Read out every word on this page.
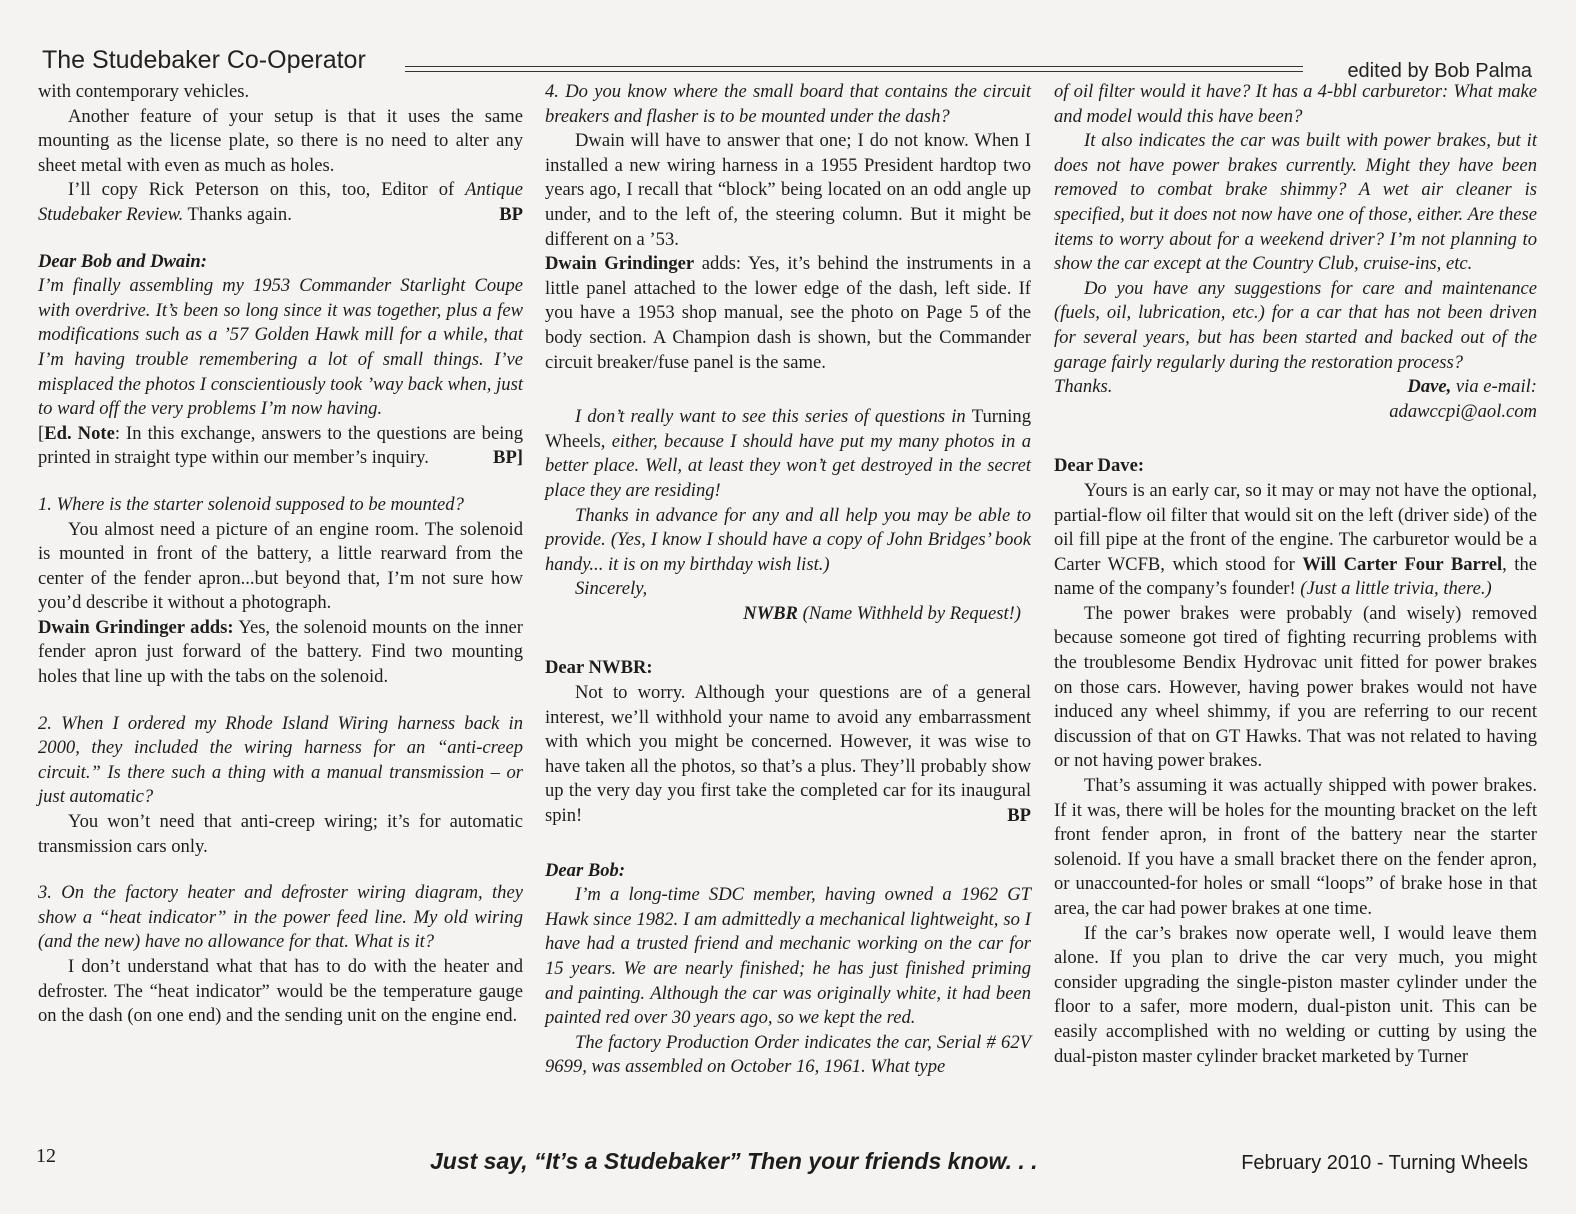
The Studebaker Co-Operator	edited by Bob Palma

with contemporary vehicles.

Another feature of your setup is that it uses the same mounting as the license plate, so there is no need to alter any sheet metal with even as much as holes.

I’ll copy Rick Peterson on this, too, Editor of Antique Studebaker Review. Thanks again.	BP

Dear Bob and Dwain:

I’m finally assembling my 1953 Commander Starlight Coupe with overdrive. It’s been so long since it was together, plus a few modifications such as a ’57 Golden Hawk mill for a while, that I’m having trouble remembering a lot of small things. I’ve misplaced the photos I conscientiously took ’way back when, just to ward off the very problems I’m now having.

[Ed. Note: In this exchange, answers to the questions are being printed in straight type within our member’s inquiry.	BP]

1. Where is the starter solenoid supposed to be mounted?

You almost need a picture of an engine room. The solenoid is mounted in front of the battery, a little rearward from the center of the fender apron...but beyond that, I’m not sure how you’d describe it without a photograph.

Dwain Grindinger adds: Yes, the solenoid mounts on the inner fender apron just forward of the battery. Find two mounting holes that line up with the tabs on the solenoid.

2. When I ordered my Rhode Island Wiring harness back in 2000, they included the wiring harness for an “anti-creep circuit.” Is there such a thing with a manual transmission – or just automatic?

You won’t need that anti-creep wiring; it’s for automatic transmission cars only.

3. On the factory heater and defroster wiring diagram, they show a “heat indicator” in the power feed line. My old wiring (and the new) have no allowance for that. What is it?

I don’t understand what that has to do with the heater and defroster. The “heat indicator” would be the temperature gauge on the dash (on one end) and the sending unit on the engine end.

4. Do you know where the small board that contains the circuit breakers and flasher is to be mounted under the dash?

Dwain will have to answer that one; I do not know. When I installed a new wiring harness in a 1955 President hardtop two years ago, I recall that “block” being located on an odd angle up under, and to the left of, the steering column. But it might be different on a ’53.

Dwain Grindinger adds: Yes, it’s behind the instruments in a little panel attached to the lower edge of the dash, left side. If you have a 1953 shop manual, see the photo on Page 5 of the body section. A Champion dash is shown, but the Commander circuit breaker/fuse panel is the same.

I don’t really want to see this series of questions in Turning Wheels, either, because I should have put my many photos in a better place. Well, at least they won’t get destroyed in the secret place they are residing!

Thanks in advance for any and all help you may be able to provide. (Yes, I know I should have a copy of John Bridges’ book handy... it is on my birthday wish list.)

Sincerely,

NWBR (Name Withheld by Request!)

Dear NWBR:

Not to worry. Although your questions are of a general interest, we’ll withhold your name to avoid any embarrassment with which you might be concerned. However, it was wise to have taken all the photos, so that’s a plus. They’ll probably show up the very day you first take the completed car for its inaugural spin!	BP

Dear Bob:

I’m a long-time SDC member, having owned a 1962 GT Hawk since 1982. I am admittedly a mechanical lightweight, so I have had a trusted friend and mechanic working on the car for 15 years. We are nearly finished; he has just finished priming and painting. Although the car was originally white, it had been painted red over 30 years ago, so we kept the red.

The factory Production Order indicates the car, Serial # 62V 9699, was assembled on October 16, 1961. What type

of oil filter would it have? It has a 4-bbl carburetor: What make and model would this have been?

It also indicates the car was built with power brakes, but it does not have power brakes currently. Might they have been removed to combat brake shimmy? A wet air cleaner is specified, but it does not now have one of those, either. Are these items to worry about for a weekend driver? I’m not planning to show the car except at the Country Club, cruise-ins, etc.

Do you have any suggestions for care and maintenance (fuels, oil, lubrication, etc.) for a car that has not been driven for several years, but has been started and backed out of the garage fairly regularly during the restoration process?

Thanks.	Dave, via e-mail:

adawccpi@aol.com

Dear Dave:

Yours is an early car, so it may or may not have the optional, partial-flow oil filter that would sit on the left (driver side) of the oil fill pipe at the front of the engine. The carburetor would be a Carter WCFB, which stood for Will Carter Four Barrel, the name of the company’s founder! (Just a little trivia, there.)

The power brakes were probably (and wisely) removed because someone got tired of fighting recurring problems with the troublesome Bendix Hydrovac unit fitted for power brakes on those cars. However, having power brakes would not have induced any wheel shimmy, if you are referring to our recent discussion of that on GT Hawks. That was not related to having or not having power brakes.

That’s assuming it was actually shipped with power brakes. If it was, there will be holes for the mounting bracket on the left front fender apron, in front of the battery near the starter solenoid. If you have a small bracket there on the fender apron, or unaccounted-for holes or small “loops” of brake hose in that area, the car had power brakes at one time.

If the car’s brakes now operate well, I would leave them alone. If you plan to drive the car very much, you might consider upgrading the single-piston master cylinder under the floor to a safer, more modern, dual-piston unit. This can be easily accomplished with no welding or cutting by using the dual-piston master cylinder bracket marketed by Turner

12	Just say, “It’s a Studebaker” Then your friends know. . .	February 2010 - Turning Wheels
